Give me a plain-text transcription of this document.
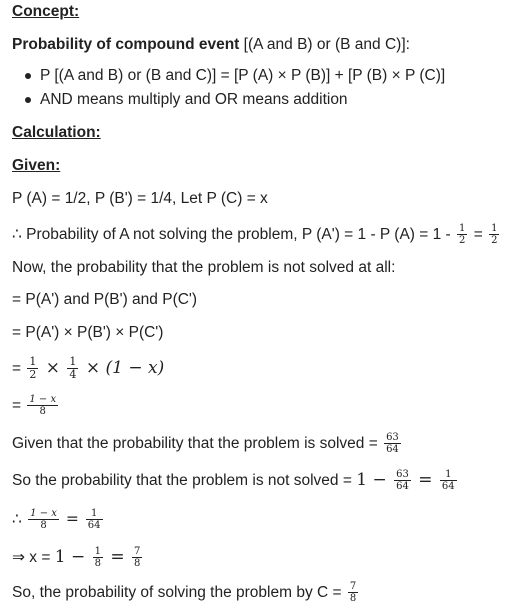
Concept:
Probability of compound event [(A and B) or (B and C)]:
P [(A and B) or (B and C)] = [P (A) × P (B)] + [P (B) × P (C)]
AND means multiply and OR means addition
Calculation:
Given:
P (A) = 1/2, P (B') = 1/4, Let P (C) = x
∴ Probability of A not solving the problem, P (A') = 1 - P $(A) = 1 - \frac{1}{2} = \frac{1}{2}$
Now, the probability that the problem is not solved at all:
= P(A') and P(B') and P(C')
= P(A') × P(B') × P(C')
= $\frac{1}{2} \times \frac{1}{4} \times (1 - x)$
= $\frac{1 - x}{8}$
Given that the probability that the problem is solved = $\frac{63}{64}$
So the probability that the problem is not solved = $1 - \frac{63}{64} = \frac{1}{64}$
∴ $\frac{1 - x}{8} = \frac{1}{64}$
⇒ $x = 1 - \frac{1}{8} = \frac{7}{8}$
So, the probability of solving the problem by $C = \frac{7}{8}$
